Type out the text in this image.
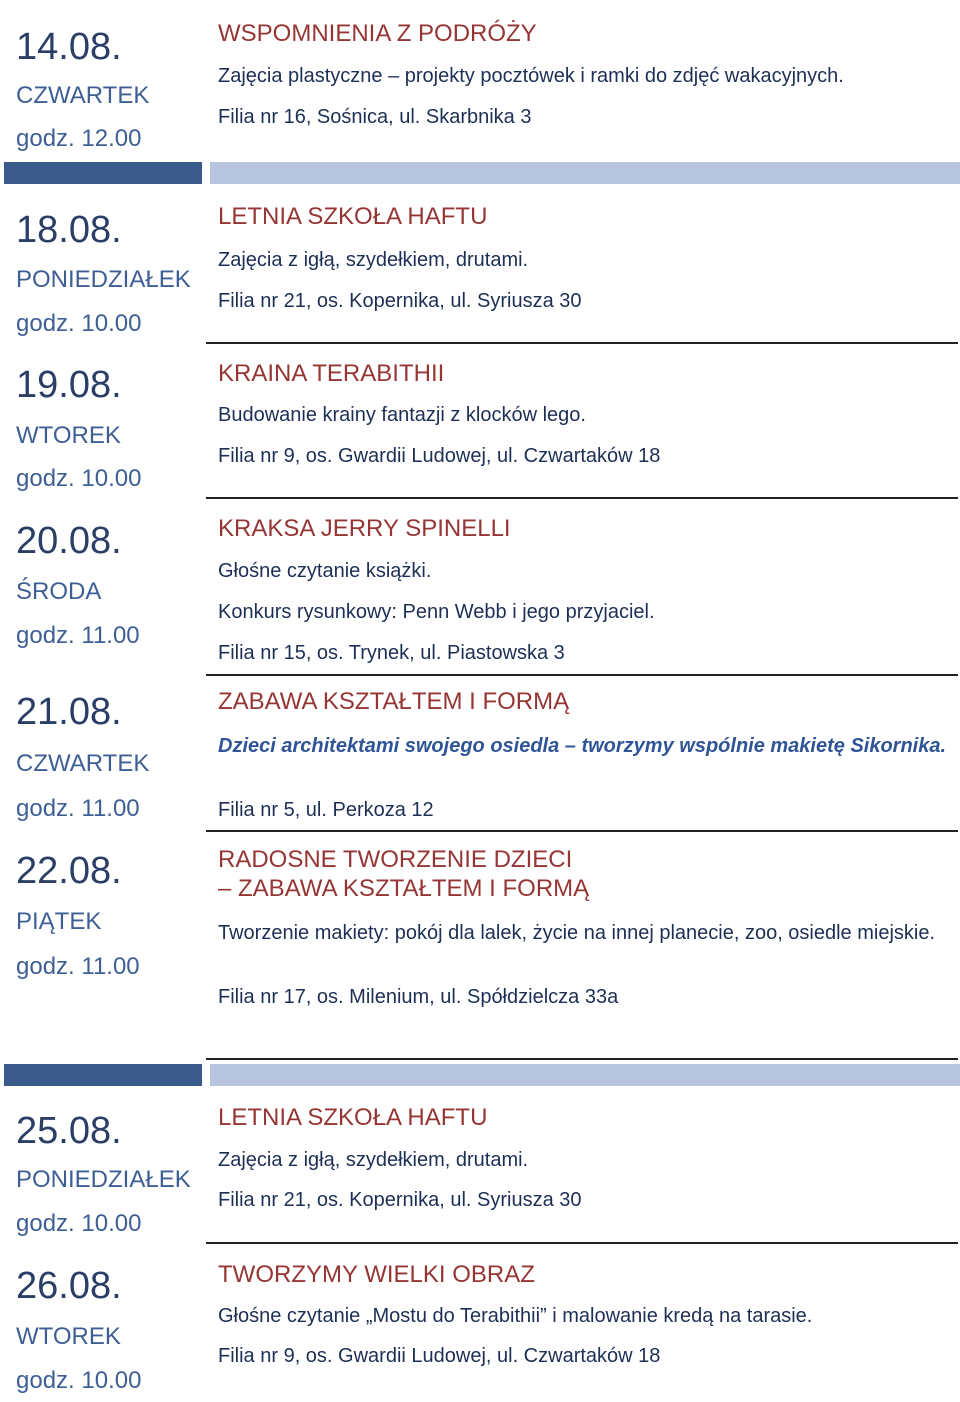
14.08.
CZWARTEK
godz. 12.00
WSPOMNIENIA Z PODRÓŻY
Zajęcia plastyczne – projekty pocztówek i ramki do zdjęć wakacyjnych.
Filia nr 16, Sośnica, ul. Skarbnika 3
18.08.
PONIEDZIAŁEK
godz. 10.00
LETNIA SZKOŁA HAFTU
Zajęcia z igłą, szydełkiem, drutami.
Filia nr 21, os. Kopernika, ul. Syriusza 30
19.08.
WTOREK
godz. 10.00
KRAINA TERABITHII
Budowanie krainy fantazji z klocków lego.
Filia nr 9, os. Gwardii Ludowej, ul. Czwartaków 18
20.08.
ŚRODA
godz. 11.00
KRAKSA JERRY SPINELLI
Głośne czytanie książki.
Konkurs rysunkowy: Penn Webb i jego przyjaciel.
Filia nr 15, os. Trynek, ul. Piastowska 3
21.08.
CZWARTEK
godz. 11.00
ZABAWA KSZTAŁTEM I FORMĄ
Dzieci architektami swojego osiedla – tworzymy wspólnie makietę Sikornika.
Filia nr 5, ul. Perkoza 12
22.08.
PIĄTEK
godz. 11.00
RADOSNE TWORZENIE DZIECI
– ZABAWA KSZTAŁTEM I FORMĄ
Tworzenie makiety: pokój dla lalek, życie na innej planecie, zoo, osiedle miejskie.
Filia nr 17, os. Milenium, ul. Spółdzielcza 33a
25.08.
PONIEDZIAŁEK
godz. 10.00
LETNIA SZKOŁA HAFTU
Zajęcia z igłą, szydełkiem, drutami.
Filia nr 21, os. Kopernika, ul. Syriusza 30
26.08.
WTOREK
godz. 10.00
TWORZYMY WIELKI OBRAZ
Głośne czytanie „Mostu do Terabithii” i malowanie kredą na tarasie.
Filia nr 9, os. Gwardii Ludowej, ul. Czwartaków 18
